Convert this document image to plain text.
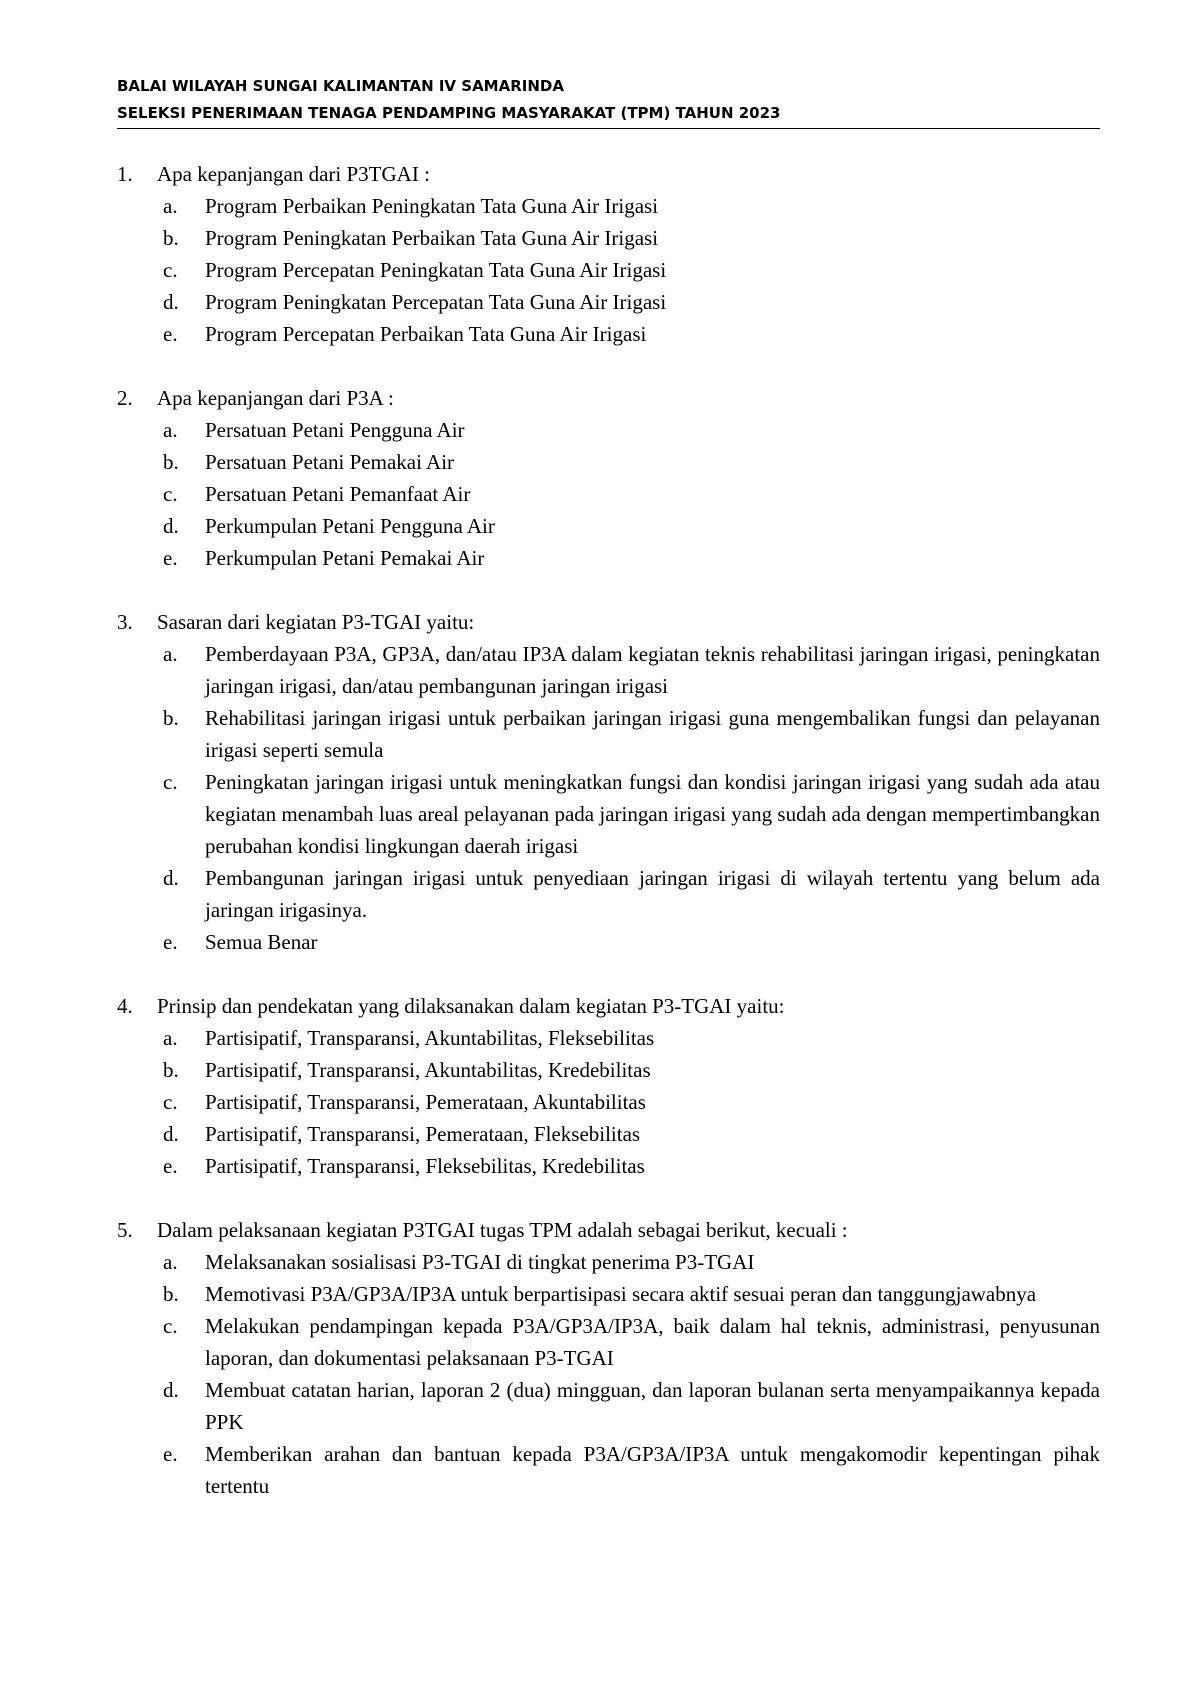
BALAI WILAYAH SUNGAI KALIMANTAN IV SAMARINDA
SELEKSI PENERIMAAN TENAGA PENDAMPING MASYARAKAT (TPM) TAHUN 2023
1.	Apa kepanjangan dari P3TGAI :
a.	Program Perbaikan Peningkatan Tata Guna Air Irigasi
b.	Program Peningkatan Perbaikan Tata Guna Air Irigasi
c.	Program Percepatan Peningkatan Tata Guna Air Irigasi
d.	Program Peningkatan Percepatan Tata Guna Air Irigasi
e.	Program Percepatan Perbaikan Tata Guna Air Irigasi
2.	Apa kepanjangan dari P3A :
a.	Persatuan Petani Pengguna Air
b.	Persatuan Petani Pemakai Air
c.	Persatuan Petani Pemanfaat Air
d.	Perkumpulan Petani Pengguna Air
e.	Perkumpulan Petani Pemakai Air
3.	Sasaran dari kegiatan P3-TGAI yaitu:
a.	Pemberdayaan P3A, GP3A, dan/atau IP3A dalam kegiatan teknis rehabilitasi jaringan irigasi, peningkatan jaringan irigasi, dan/atau pembangunan jaringan irigasi
b.	Rehabilitasi jaringan irigasi untuk perbaikan jaringan irigasi guna mengembalikan fungsi dan pelayanan irigasi seperti semula
c.	Peningkatan jaringan irigasi untuk meningkatkan fungsi dan kondisi jaringan irigasi yang sudah ada atau kegiatan menambah luas areal pelayanan pada jaringan irigasi yang sudah ada dengan mempertimbangkan perubahan kondisi lingkungan daerah irigasi
d.	Pembangunan jaringan irigasi untuk penyediaan jaringan irigasi di wilayah tertentu yang belum ada jaringan irigasinya.
e.	Semua Benar
4.	Prinsip dan pendekatan yang dilaksanakan dalam kegiatan P3-TGAI yaitu:
a.	Partisipatif, Transparansi, Akuntabilitas, Fleksebilitas
b.	Partisipatif, Transparansi, Akuntabilitas, Kredebilitas
c.	Partisipatif, Transparansi, Pemerataan, Akuntabilitas
d.	Partisipatif, Transparansi, Pemerataan, Fleksebilitas
e.	Partisipatif, Transparansi, Fleksebilitas, Kredebilitas
5.	Dalam pelaksanaan kegiatan P3TGAI tugas TPM adalah sebagai berikut, kecuali :
a.	Melaksanakan sosialisasi P3-TGAI di tingkat penerima P3-TGAI
b.	Memotivasi P3A/GP3A/IP3A untuk berpartisipasi secara aktif sesuai peran dan tanggungjawabnya
c.	Melakukan pendampingan kepada P3A/GP3A/IP3A, baik dalam hal teknis, administrasi, penyusunan laporan, dan dokumentasi pelaksanaan P3-TGAI
d.	Membuat catatan harian, laporan 2 (dua) mingguan, dan laporan bulanan serta menyampaikannya kepada PPK
e.	Memberikan arahan dan bantuan kepada P3A/GP3A/IP3A untuk mengakomodir kepentingan pihak tertentu
